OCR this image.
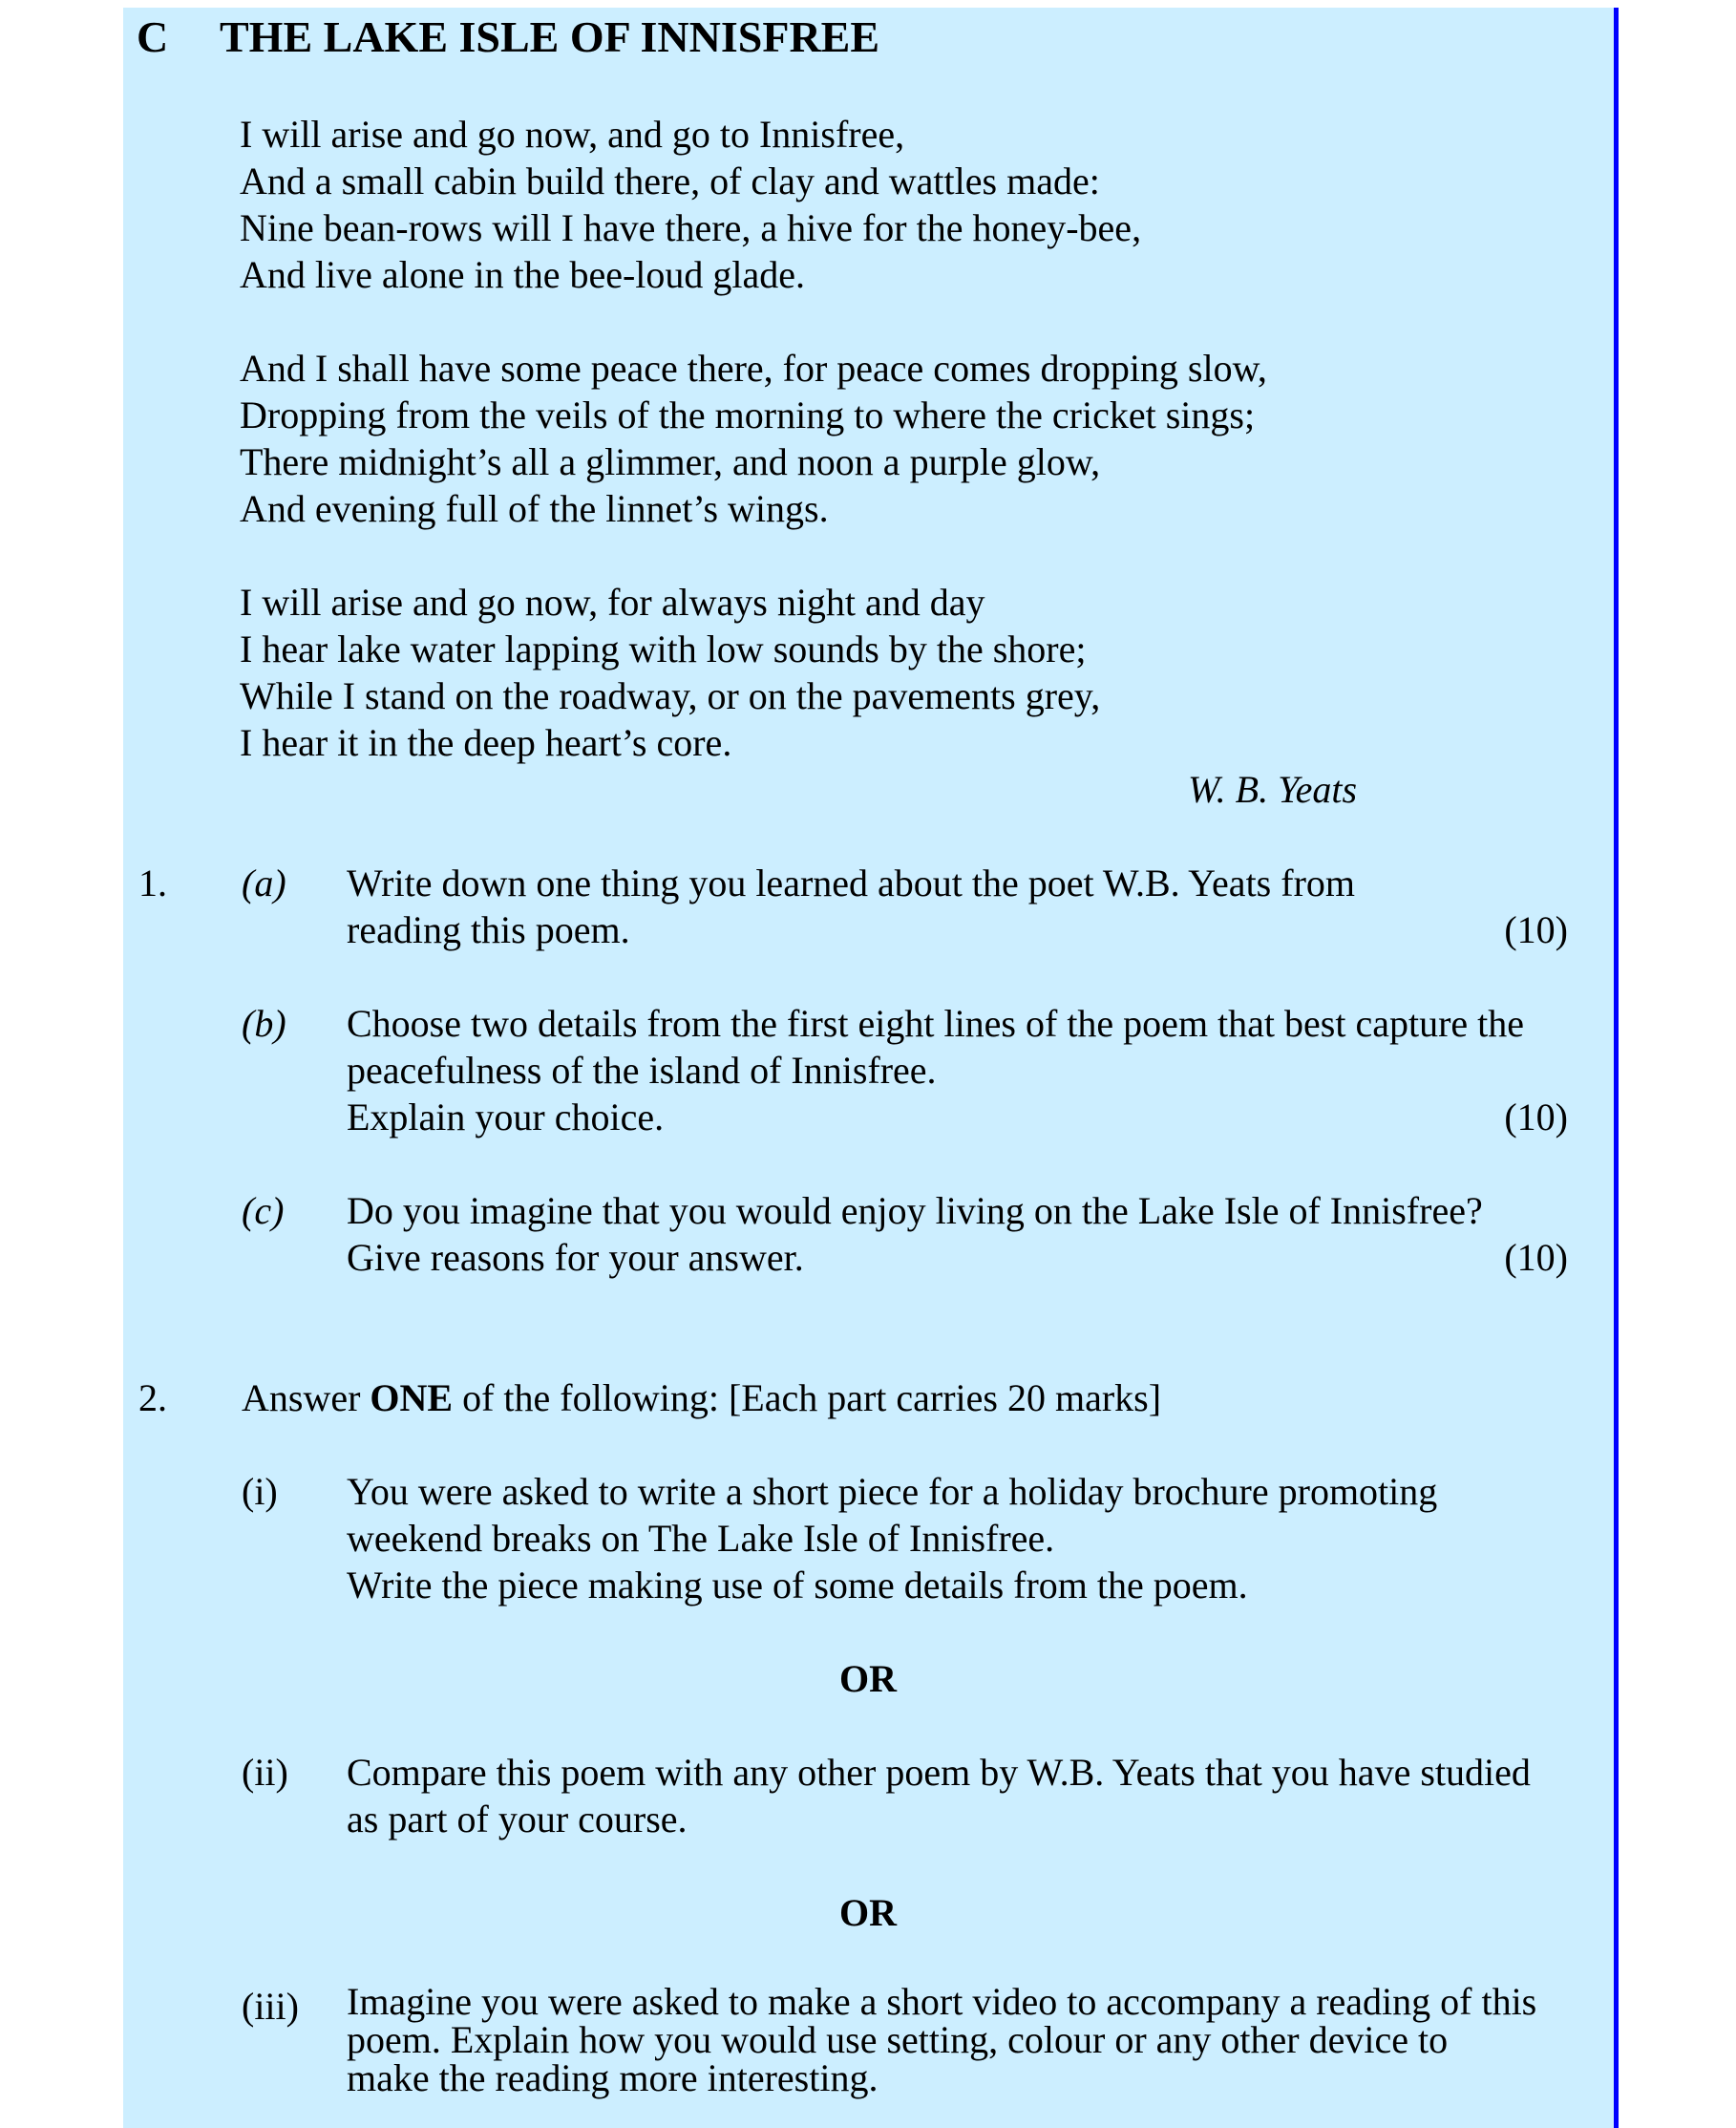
C THE LAKE ISLE OF INNISFREE
I will arise and go now, and go to Innisfree,
And a small cabin build there, of clay and wattles made:
Nine bean-rows will I have there, a hive for the honey-bee,
And live alone in the bee-loud glade.
And I shall have some peace there, for peace comes dropping slow,
Dropping from the veils of the morning to where the cricket sings;
There midnight’s all a glimmer, and noon a purple glow,
And evening full of the linnet’s wings.
I will arise and go now, for always night and day
I hear lake water lapping with low sounds by the shore;
While I stand on the roadway, or on the pavements grey,
I hear it in the deep heart’s core.
W. B. Yeats
1. (a) Write down one thing you learned about the poet W.B. Yeats from
reading this poem.	(10)
(b) Choose two details from the first eight lines of the poem that best capture the
peacefulness of the island of Innisfree.
Explain your choice.	(10)
(c) Do you imagine that you would enjoy living on the Lake Isle of Innisfree?
Give reasons for your answer.	(10)
2. Answer ONE of the following: [Each part carries 20 marks]
(i) You were asked to write a short piece for a holiday brochure promoting
weekend breaks on The Lake Isle of Innisfree.
Write the piece making use of some details from the poem.
OR
(ii) Compare this poem with any other poem by W.B. Yeats that you have studied
as part of your course.
OR
(iii) Imagine you were asked to make a short video to accompany a reading of this
poem. Explain how you would use setting, colour or any other device to
make the reading more interesting.
